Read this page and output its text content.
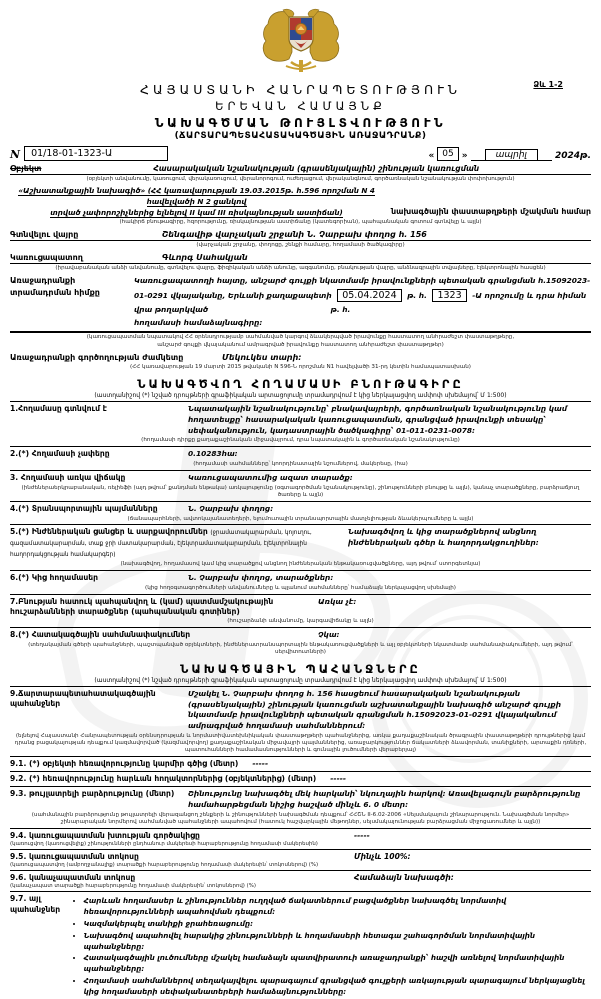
Ձև 1-2
ՀԱՅԱՍՏԱՆԻ ՀԱՆՐԱՊԵՏՈՒԹՅՈՒՆ
ԵՐԵՎԱՆ ՀԱՄԱՅՆՔ
ՆԱԽԱԳԾՄԱՆ ԹՈՒՅԼՏՎՈՒԹՅՈՒՆ
(ՃԱՐՏԱՐԱՊԵՏԱՀԱՏԱԿԱԳԾԱՅԻՆ ԱՌԱՋԱԴՐԱՆՔ)
N	01/18-01-1323-Ա	« 05 »	ապրիլ	2024թ.
Օբյեկտ	Հասարակական նշանակության (գրասենյակային) շինության կառուցման
(օբյեկտի անվանումը, կառուցում, վերակառուցում, վերանորոգում, ուժեղացում, վերականգնում, գործառնական նշանակության փոփոխություն)
«Աշխատանքային նախագիծ» (ՀՀ կառավարության 19.03.2015թ. հ.596 որոշման N 4 հավելվածի N 2 ցանկով
տրված չափորոշիչներից ելնելով II կամ III ռիսկայնության աստիճան)	նախագծային փաստաթղթերի մշակման համար
(հակիրճ բնութագիրը, հզորությունը, ռիսկայնության աստիճանը (կատեգորիան), պահպանական գոտում գտնվելը և այլն)
Գտնվելու վայրը	Շենգավիթ վարչական շրջանի Ն. Չարբախ փողոց հ. 156
(վարչական շրջանը, փողոցը, շենքի համարը, հողամասի ծածկագիրը)
Կառուցապատող	Գևորգ Սահակյան
(իրավաբանական անձի անվանումը, գտնվելու վայրը, ֆիզիկական անձի անունը, ազգանունը, բնակության վայրը, անձնագրային տվյալները, էլեկտրոնային հասցեն)
Առաջադրանքի տրամադրման հիմքը
Կառուցապատողի հայտը, անշարժ գույքի նկատմամբ իրավունքների պետական գրանցման հ.15092023-01-0291 վկայականը, Երևանի քաղաքապետի 05.04.2024 թ. հ. 1323 -Ա որոշումը և դրա հիման վրա թողարկված	թ. հ.
հողամասի համաձայնագիրը:
(կառուցապատման նպատակով ՀՀ օրենսդրությամբ սահմանված կարգով ձևակերպված իրավունքը հաստատող անհրաժեշտ փաստաթղթերը,
անշարժ գույքի վկայականում ամրագրված իրավունքը հաստատող անհրաժեշտ փաստաթղթեր)
Առաջադրանքի գործողության ժամկետը	Մեկուկես տարի:
(ՀՀ կառավարության 19 մարտի 2015 թվականի N 596-Ն որոշման N1 հավելվածի 31-րդ կետին համապատասխան)
ՆԱԽԱԳԾՎՈՂ ՀՈՂԱՄԱՍԻ ԲՆՈՒԹԱԳԻՐԸ
(աստղանիշով (*) նշված դրույթների գրաֆիկական արտացոլումը տրամադրվում է կից ներկայացվող ամփոփ սխեմայով՝ Մ 1:500)
1.Հողամասը գտնվում է	Նպատակային նշանակությունը՝ բնակավայրերի, գործառնական նշանակությունը կամ հողատեսքը՝ հասարակական կառուցապատման, գրանցված իրավունքի տեսակը՝ սեփականություն, կադաստրային ծածկագիրը՝ 01-011-0231-0078:
(հողամասի դիրքը քաղաքաշինական միջավայրում, դրա նպատակային և գործառնական նշանակությունը)
2.(*) Հողամասի չափերը	0.10283հա:
(հողամասի սահմանները՝ կոորդինատային նշումներով, մակերեսը, (հա)
3. Հողամասի առկա վիճակը	Կառուցապատումից ազատ տարածք:
(ինժեներաերկրաբանական, ռելիեֆի (այդ թվում՝ քանդման ենթակա) առկայությունը (օգտագործման նշանակությունը), շինությունների բնույթը և այլն), կանաչ տարածքները, բարձրաճյուղ ծառերը և այլն)
4.(*) Տրանսպորտային պայմանները	Ն. Չարբախ փողոց:
(ճանապարհների, ավտոկայանատեղերի, ելումուտային տրանսպորտային մատչելիության ձևակերպումները և այլն)
5.(*) Ինժեներական ցանցեր և սարքավորումներ (ջրամատակարարման, կոյուղու, գազամատակարարման, տաք ջրի մատակարարման, էլեկտրամատակարարման, էլեկտրոնային հաղորդակցության համակարգեր)
Նախագծվող և կից տարածքներով անցնող ինժեներական գծեր և հաղորդակցուղիներ:
(նախագծվող, հողամասով կամ կից տարածքով անցնող ինժեներական ենթակառուցվածքները, այդ թվում՝ ստորգետնյա)
6.(*) Կից հողամասեր	Ն. Չարբախ փողոց, տարածքներ:
(կից հողօգտագործումների անվանումները և պլանում սահմանները՝ համաձայն ներկայացվող սխեմայի)
7.Բնության հատուկ պահպանվող և (կամ) պատմամշակութային հուշարձանների տարածքներ (պահպանական գոտիներ)
Առկա չէ:
(հուշարձանի անվանումը, կարգավիճակը և այլն)
8.(*) Հատակագծային սահմանափակումներ	Չկա:
(տեղակայման գծերի պահանջների, պաշտպանված օբյեկտների, ինժեներատրանսպորտային ենթակառուցվածքների և այլ օբյեկտների նկատմամբ սահմանափակումների, այդ թվում՝ սերվիտուտների)
ՆԱԽԱԳԾԱՅԻՆ ՊԱՀԱՆՋՆԵՐԸ
(աստղանիշով (*) նշված դրույթների գրաֆիկական արտացոլումը տրամադրվում է կից ներկայացվող ամփոփ սխեմայով՝ Մ 1:500)
9.Ճարտարապետահատակագծային պահանջներ
Մշակել Ն. Չարբախ փողոց հ. 156 հասցեում հասարակական նշանակության (գրասենյակային) շինության կառուցման աշխատանքային նախագիծ անշարժ գույքի նկատմամբ իրավունքների պետական գրանցման հ.15092023-01-0291 վկայականում ամրագրված հողամասի սահմաններում:
(ելնելով Հայաստանի Հանրապետության օրենսդրության և նորմատիվատեխնիկական փաստաթղթերի պահանջներից, առկա քաղաքաշինական ծրագրային փաստաթղթերի դրույթներից կամ դրանց բացակայության դեպքում կազմավորված (կազմավորվող) քաղաքաշինական միջավայրի պայմաններից, առաջարկություններ ճակատների ձևավորման, տանիքների, արտաքին դռների, պատուհանների համամասնությունների և գունային լուծումների վերաբերյալ)
9.1. (*) օբյեկտի հեռավորությունը կարմիր գծից (մետր)	-----
9.2. (*) հեռավորությունը հարևան հողակտորներից (օբյեկտներից) (մետր)	-----
9.3. թույլատրելի բարձրությունը (մետր)	Շինությունը նախագծել մեկ հարկանի՝ նկուղային հարկով: Առավելագույն բարձրությունը համահարթեցման նիշից հաշված մինչև 6. 0 մետր:
(սահմանային բարձրությունը թույլատրելի վերազանցող շենքերի և շինությունների նախագծման դեպքում՝ ՀՀՇՆ II-6.02-2006 «Սեյսմակայուն շինարարություն. Նախագծման նորմեր» շինարարական նորմերով սահմանված պահանջների ապահովում (հատուկ հաշվարկային մեթոդներ, սեյսմակայունության բարձրացման միջոցառումներ և այլն))
9.4. կառուցապատման խտության գործակիցը
(կառուցվող (կառուցվելիք) շինությունների ընդհանուր մակերեսի հարաբերությունը հողամասի մակերեսին)
-----
9.5. կառուցապատման տոկոսը
(կառուցապատվող (ամբողջանալիք) տարածքի հարաբերությունը հողամասի մակերեսին՝ տոկոսներով) (%)
Մինչև 100%:
9.6. կանաչապատման տոկոսը
(կանաչապատ տարածքի հարաբերությունը հողամասի մակերեսին՝ տոկոսներով) (%)
Համաձայն նախագծի:
9.7. այլ
պահանջներ
• Հարևան հողամասեր և շինություններ ուղղված ճակատներում բացվածքներ նախագծել նորմատիվ հեռավորությունների ապահովման դեպքում:
• Կազմակերպել տանիքի ջրահեռացումը:
• Նախագծով ապահովել հարակից շինությունների և հողամասերի հետագա շահագործման նորմատիվային պահանջները:
• Հատակագծային լուծումները մշակել համաձայն պատվիրատուի առաջադրանքի՝ հաշվի առնելով նորմատիվային պահանջները:
• Հողամասի սահմաններով տեղակայվելու պարագայում գրանցված գույքերի առկայության պարագայում ներկայացնել կից հողամասերի սեփականատերերի համաձայնությունները:
